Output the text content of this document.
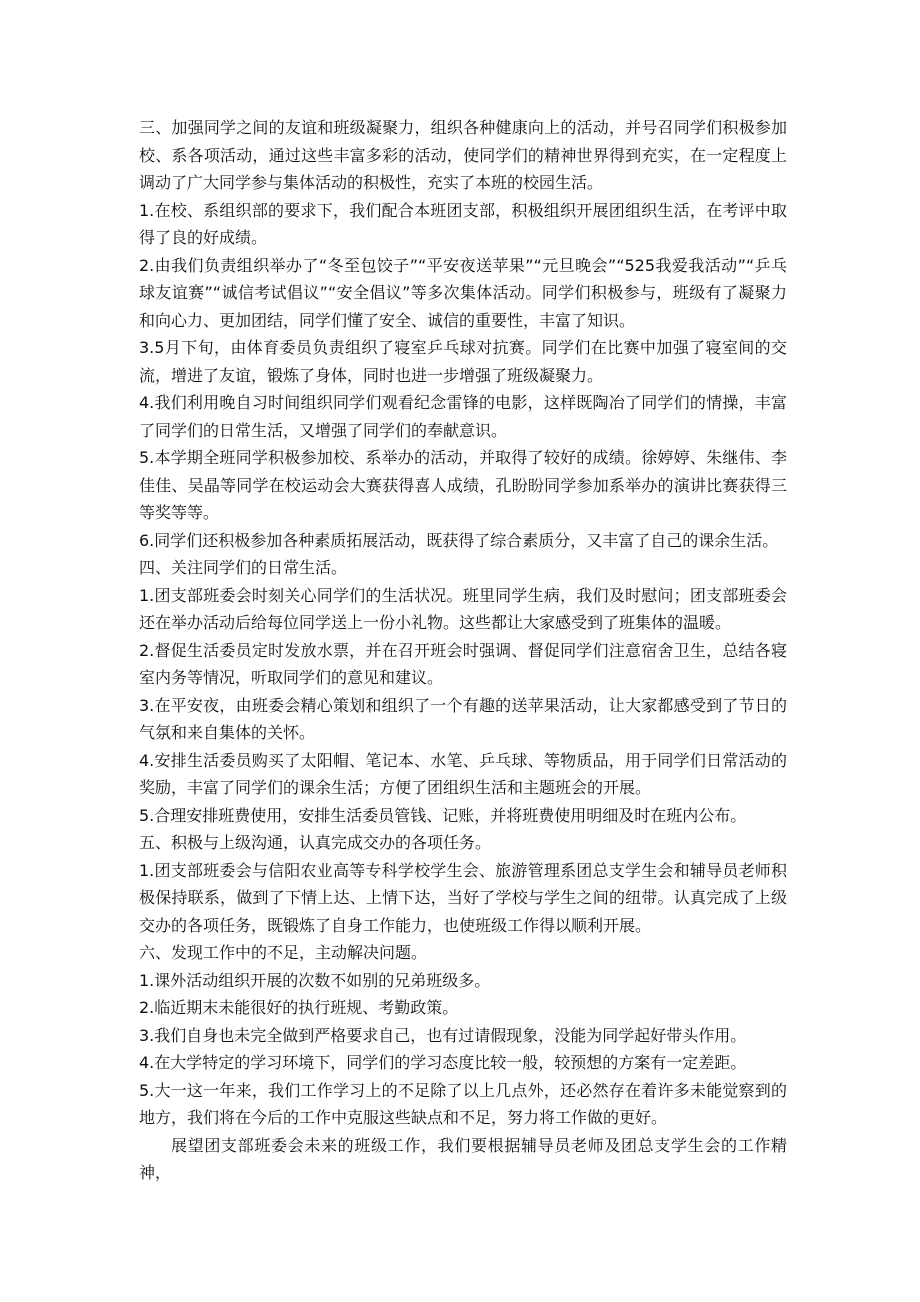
三、加强同学之间的友谊和班级凝聚力，组织各种健康向上的活动，并号召同学们积极参加校、系各项活动，通过这些丰富多彩的活动，使同学们的精神世界得到充实，在一定程度上调动了广大同学参与集体活动的积极性，充实了本班的校园生活。

1.在校、系组织部的要求下，我们配合本班团支部，积极组织开展团组织生活，在考评中取得了良的好成绩。

2.由我们负责组织举办了“冬至包饺子”“平安夜送苹果”“元旦晚会”“525我爱我活动”“乒乓球友谊赛”“诚信考试倡议”“安全倡议”等多次集体活动。同学们积极参与，班级有了凝聚力和向心力、更加团结，同学们懂了安全、诚信的重要性，丰富了知识。

3.5月下旬，由体育委员负责组织了寝室乒乓球对抗赛。同学们在比赛中加强了寝室间的交流，增进了友谊，锻炼了身体，同时也进一步增强了班级凝聚力。

4.我们利用晚自习时间组织同学们观看纪念雷锋的电影，这样既陶冶了同学们的情操，丰富了同学们的日常生活，又增强了同学们的奉献意识。

5.本学期全班同学积极参加校、系举办的活动，并取得了较好的成绩。徐婷婷、朱继伟、李佳佳、吴晶等同学在校运动会大赛获得喜人成绩，孔盼盼同学参加系举办的演讲比赛获得三等奖等等。

6.同学们还积极参加各种素质拓展活动，既获得了综合素质分，又丰富了自己的课余生活。

四、关注同学们的日常生活。

1.团支部班委会时刻关心同学们的生活状况。班里同学生病，我们及时慰问；团支部班委会还在举办活动后给每位同学送上一份小礼物。这些都让大家感受到了班集体的温暖。

2.督促生活委员定时发放水票，并在召开班会时强调、督促同学们注意宿舍卫生，总结各寝室内务等情况，听取同学们的意见和建议。

3.在平安夜，由班委会精心策划和组织了一个有趣的送苹果活动，让大家都感受到了节日的气氛和来自集体的关怀。

4.安排生活委员购买了太阳帽、笔记本、水笔、乒乓球、等物质品，用于同学们日常活动的奖励，丰富了同学们的课余生活；方便了团组织生活和主题班会的开展。

5.合理安排班费使用，安排生活委员管钱、记账，并将班费使用明细及时在班内公布。

五、积极与上级沟通，认真完成交办的各项任务。

1.团支部班委会与信阳农业高等专科学校学生会、旅游管理系团总支学生会和辅导员老师积极保持联系，做到了下情上达、上情下达，当好了学校与学生之间的纽带。认真完成了上级交办的各项任务，既锻炼了自身工作能力，也使班级工作得以顺利开展。

六、发现工作中的不足，主动解决问题。

1.课外活动组织开展的次数不如别的兄弟班级多。

2.临近期末未能很好的执行班规、考勤政策。

3.我们自身也未完全做到严格要求自己，也有过请假现象，没能为同学起好带头作用。

4.在大学特定的学习环境下，同学们的学习态度比较一般，较预想的方案有一定差距。

5.大一这一年来，我们工作学习上的不足除了以上几点外，还必然存在着许多未能觉察到的地方，我们将在今后的工作中克服这些缺点和不足，努力将工作做的更好。

展望团支部班委会未来的班级工作，我们要根据辅导员老师及团总支学生会的工作精神，
